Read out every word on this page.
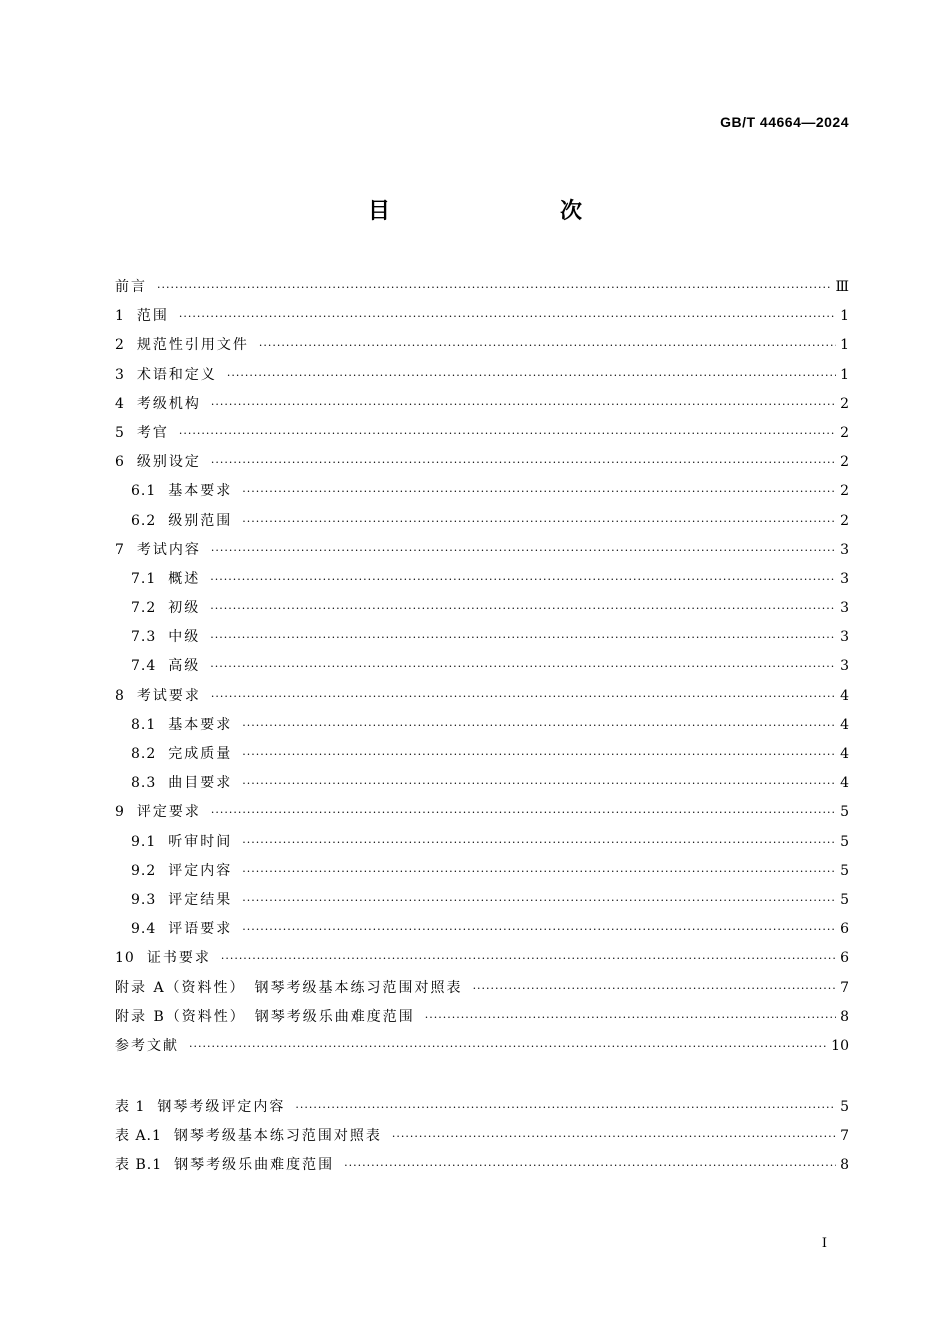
GB/T 44664—2024
目　　次
前言 ·····	Ⅲ
1 范围 ·····	1
2 规范性引用文件 ·····	1
3 术语和定义 ·····	1
4 考级机构 ·····	2
5 考官 ·····	2
6 级别设定 ·····	2
6.1 基本要求 ·····	2
6.2 级别范围 ·····	2
7 考试内容 ·····	3
7.1 概述 ·····	3
7.2 初级 ·····	3
7.3 中级 ·····	3
7.4 高级 ·····	3
8 考试要求 ·····	4
8.1 基本要求 ·····	4
8.2 完成质量 ·····	4
8.3 曲目要求 ·····	4
9 评定要求 ·····	5
9.1 听审时间 ·····	5
9.2 评定内容 ·····	5
9.3 评定结果 ·····	5
9.4 评语要求 ·····	6
10 证书要求 ·····	6
附录 A（资料性）　钢琴考级基本练习范围对照表 ·····	7
附录 B（资料性）　钢琴考级乐曲难度范围 ·····	8
参考文献 ·····	10
表 1 钢琴考级评定内容 ·····	5
表 A.1 钢琴考级基本练习范围对照表 ·····	7
表 B.1 钢琴考级乐曲难度范围 ·····	8
I
